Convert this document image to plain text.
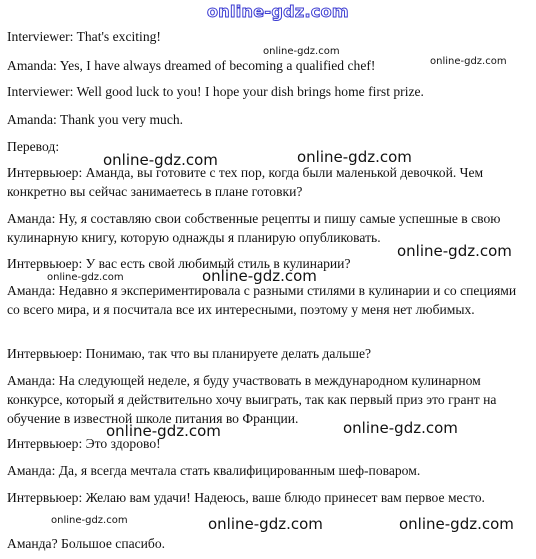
online-gdz.com

Interviewer: That's exciting!

Amanda: Yes, I have always dreamed of becoming a qualified chef!

Interviewer: Well good luck to you! I hope your dish brings home first prize.

Amanda: Thank you very much.

Перевод:

Интервьюер: Аманда, вы готовите с тех пор, когда были маленькой девочкой. Чем конкретно вы сейчас занимаетесь в плане готовки?

Аманда: Ну, я составляю свои собственные рецепты и пишу самые успешные в свою кулинарную книгу, которую однажды я планирую опубликовать.

Интервьюер: У вас есть свой любимый стиль в кулинарии?

Аманда: Недавно я экспериментировала с разными стилями в кулинарии и со специями со всего мира, и я посчитала все их интересными, поэтому у меня нет любимых.

Интервьюер: Понимаю, так что вы планируете делать дальше?

Аманда: На следующей неделе, я буду участвовать в международном кулинарном конкурсе, который я действительно хочу выиграть, так как первый приз это грант на обучение в известной школе питания во Франции.

Интервьюер: Это здорово!

Аманда: Да, я всегда мечтала стать квалифицированным шеф-поваром.

Интервьюер: Желаю вам удачи! Надеюсь, ваше блюдо принесет вам первое место.

Аманда? Большое спасибо.

online-gdz.com
online-gdz.com
online-gdz.com	online-gdz.com
online-gdz.com
online-gdz.com
online-gdz.com
online-gdz.com	online-gdz.com
online-gdz.com	online-gdz.com	online-gdz.com
